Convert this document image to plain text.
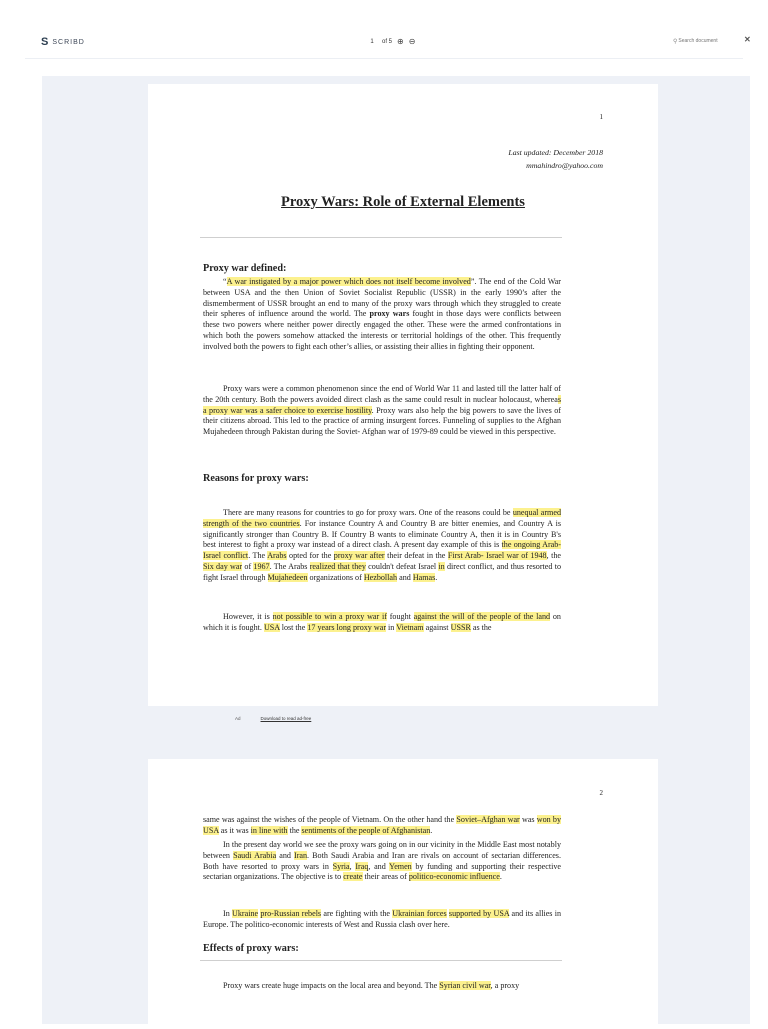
S SCRIBD	1	of 5 ⊕ ⊖	⚲
Search document	✕
1
Last updated: December 2018
mmahindro@yahoo.com
Proxy Wars: Role of External Elements
Proxy war defined:
“A war instigated by a major power which does not itself become involved”. The end of the Cold War between USA and the then Union of Soviet Socialist Republic (USSR) in the early 1990’s after the dismemberment of USSR brought an end to many of the proxy wars through which they struggled to create their spheres of influence around the world. The proxy wars fought in those days were conflicts between these two powers where neither power directly engaged the other. These were the armed confrontations in which both the powers somehow attacked the interests or territorial holdings of the other. This frequently involved both the powers to fight each other’s allies, or assisting their allies in fighting their opponent.
Proxy wars were a common phenomenon since the end of World War 11 and lasted till the latter half of the 20th century. Both the powers avoided direct clash as the same could result in nuclear holocaust, whereas a proxy war was a safer choice to exercise hostility. Proxy wars also help the big powers to save the lives of their citizens abroad. This led to the practice of arming insurgent forces. Funneling of supplies to the Afghan Mujahedeen through Pakistan during the Soviet- Afghan war of 1979-89 could be viewed in this perspective.
Reasons for proxy wars:
There are many reasons for countries to go for proxy wars. One of the reasons could be unequal armed strength of the two countries. For instance Country A and Country B are bitter enemies, and Country A is significantly stronger than Country B. If Country B wants to eliminate Country A, then it is in Country B's best interest to fight a proxy war instead of a direct clash. A present day example of this is the ongoing Arab- Israel conflict. The Arabs opted for the proxy war after their defeat in the First Arab- Israel war of 1948, the Six day war of 1967. The Arabs realized that they couldn't defeat Israel in direct conflict, and thus resorted to fight Israel through Mujahedeen organizations of Hezbollah and Hamas.
However, it is not possible to win a proxy war if fought against the will of the people of the land on which it is fought. USA lost the 17 years long proxy war in Vietnam against USSR as the
Ad	Download to read ad-free
2
same was against the wishes of the people of Vietnam. On the other hand the Soviet–Afghan war was won by USA as it was in line with the sentiments of the people of Afghanistan.
In the present day world we see the proxy wars going on in our vicinity in the Middle East most notably between Saudi Arabia and Iran. Both Saudi Arabia and Iran are rivals on account of sectarian differences. Both have resorted to proxy wars in Syria, Iraq, and Yemen by funding and supporting their respective sectarian organizations. The objective is to create their areas of politico-economic influence.
In Ukraine pro-Russian rebels are fighting with the Ukrainian forces supported by USA and its allies in Europe. The politico-economic interests of West and Russia clash over here.
Effects of proxy wars:
Proxy wars create huge impacts on the local area and beyond. The Syrian civil war, a proxy
